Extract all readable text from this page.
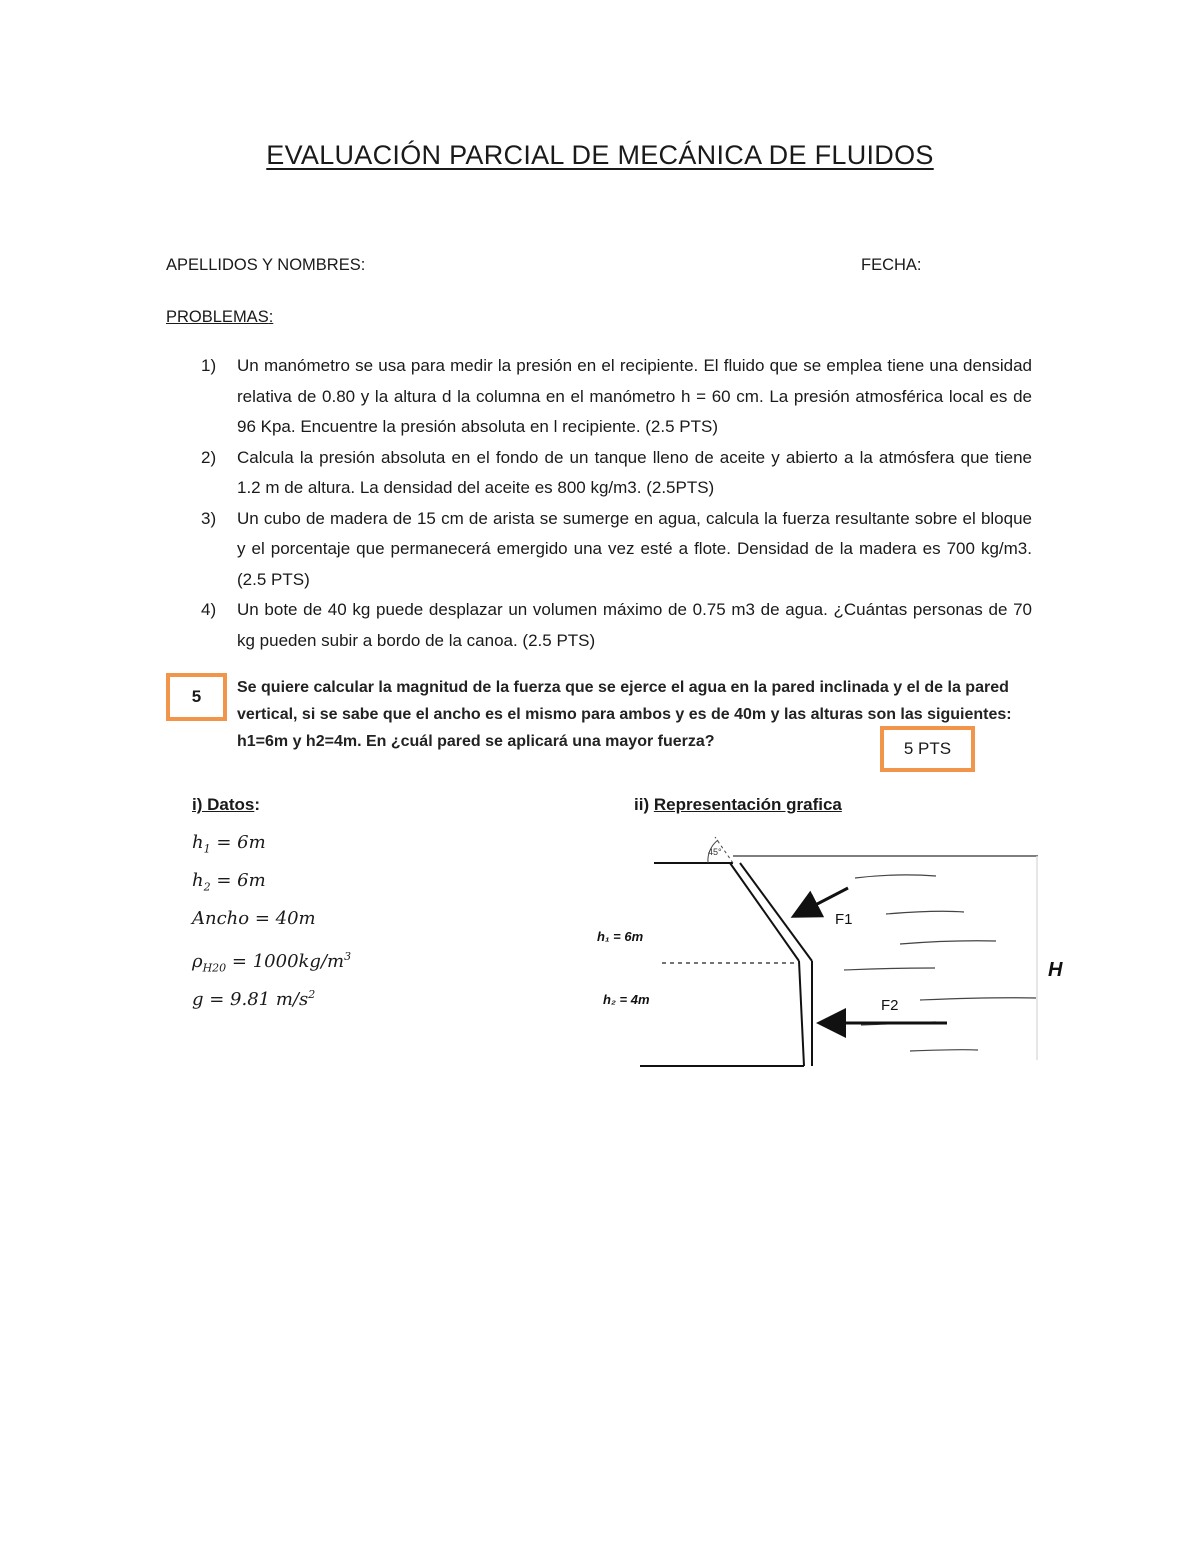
EVALUACIÓN PARCIAL DE MECÁNICA DE FLUIDOS
APELLIDOS Y NOMBRES:	FECHA:
PROBLEMAS:
1) Un manómetro se usa para medir la presión en el recipiente. El fluido que se emplea tiene una densidad relativa de 0.80 y la altura d la columna en el manómetro h = 60 cm. La presión atmosférica local es de 96 Kpa. Encuentre la presión absoluta en l recipiente. (2.5 PTS)
2) Calcula la presión absoluta en el fondo de un tanque lleno de aceite y abierto a la atmósfera que tiene 1.2 m de altura. La densidad del aceite es 800 kg/m3. (2.5PTS)
3) Un cubo de madera de 15 cm de arista se sumerge en agua, calcula la fuerza resultante sobre el bloque y el porcentaje que permanecerá emergido una vez esté a flote. Densidad de la madera es 700 kg/m3. (2.5 PTS)
4) Un bote de 40 kg puede desplazar un volumen máximo de 0.75 m3 de agua. ¿Cuántas personas de 70 kg pueden subir a bordo de la canoa. (2.5 PTS)
5 Se quiere calcular la magnitud de la fuerza que se ejerce el agua en la pared inclinada y el de la pared vertical, si se sabe que el ancho es el mismo para ambos y es de 40m y las alturas son las siguientes: h1=6m y h2=4m. En ¿cuál pared se aplicará una mayor fuerza?	5 PTS
i) Datos:
$h_1 = 6m$
$h_2 = 6m$
Ancho = 40m
$\rho_{H20} = 1000kg/m^3$
g = 9.81 $m/s^2$
ii) Representación grafica
45°
h₁ = 6m
h₂ = 4m
F1
F2
H
